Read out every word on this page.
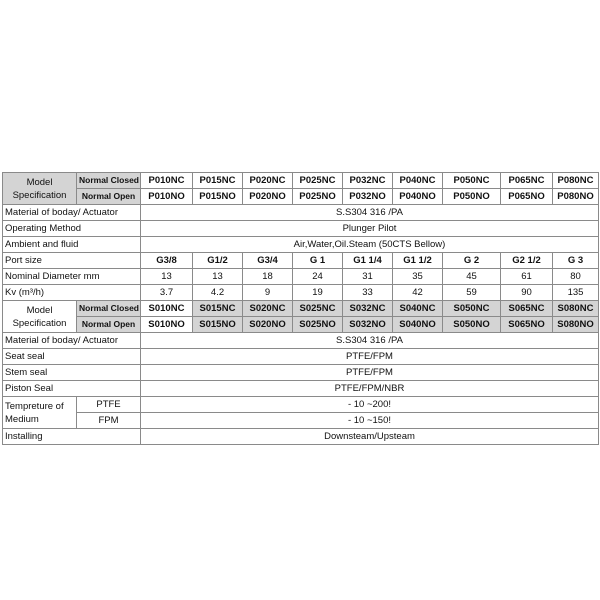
Model
Specification	Normal Closed	P010NC	P015NC	P020NC	P025NC	P032NC	P040NC	P050NC	P065NC	P080NC
	Normal Open	P010NO	P015NO	P020NO	P025NO	P032NO	P040NO	P050NO	P065NO	P080NO
Material of boday/ Actuator		S.S304 316 /PA								
Operating Method		Plunger Pilot								
Ambient and fluid		Air,Water,Oil.Steam (50CTS Bellow)								
Port size		G3/8	G1/2	G3/4	G 1	G1 1/4	G1 1/2	G 2	G2 1/2	G 3
Nominal Diameter mm		13	13	18	24	31	35	45	61	80
Kv (m³/h)		3.7	4.2	9	19	33	42	59	90	135
Model
Specification	Normal Closed	S010NC	S015NC	S020NC	S025NC	S032NC	S040NC	S050NC	S065NC	S080NC
	Normal Open	S010NO	S015NO	S020NO	S025NO	S032NO	S040NO	S050NO	S065NO	S080NO
Material of boday/ Actuator		S.S304 316 /PA								
Seat seal		PTFE/FPM								
Stem seal		PTFE/FPM								
Piston Seal		PTFE/FPM/NBR								
Tempreture of
Medium	PTFE	- 10 ~200!								
	FPM	- 10 ~150!								
Installing		Downsteam/Upsteam								
